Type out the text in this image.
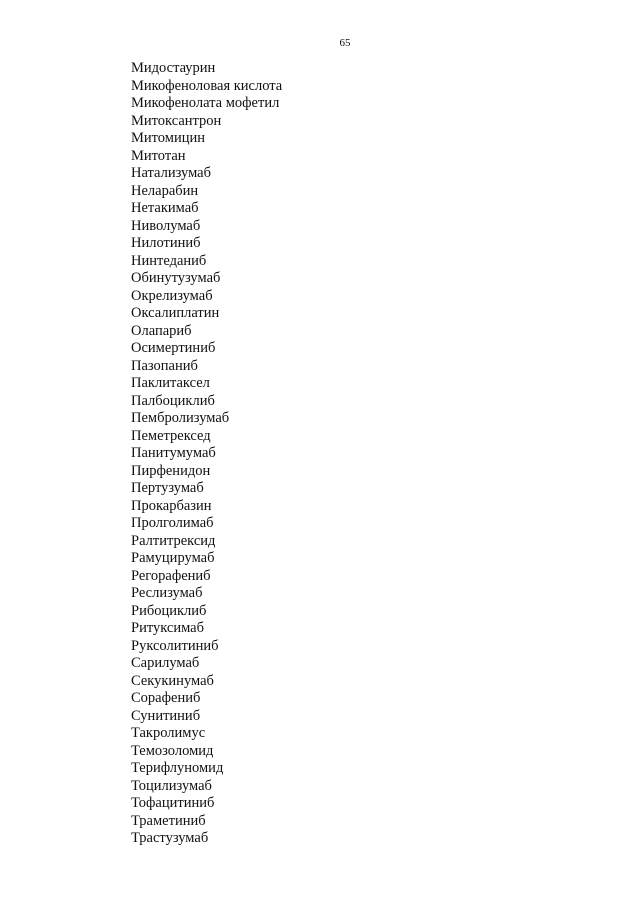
65
Мидостаурин
Микофеноловая кислота
Микофенолата мофетил
Митоксантрон
Митомицин
Митотан
Натализумаб
Неларабин
Нетакимаб
Ниволумаб
Нилотиниб
Нинтеданиб
Обинутузумаб
Окрелизумаб
Оксалиплатин
Олапариб
Осимертиниб
Пазопаниб
Паклитаксел
Палбоциклиб
Пембролизумаб
Пеметрексед
Панитумумаб
Пирфенидон
Пертузумаб
Прокарбазин
Пролголимаб
Ралтитрексид
Рамуцирумаб
Регорафениб
Реслизумаб
Рибоциклиб
Ритуксимаб
Руксолитиниб
Сарилумаб
Секукинумаб
Сорафениб
Сунитиниб
Такролимус
Темозоломид
Терифлуномид
Тоцилизумаб
Тофацитиниб
Траметиниб
Трастузумаб
